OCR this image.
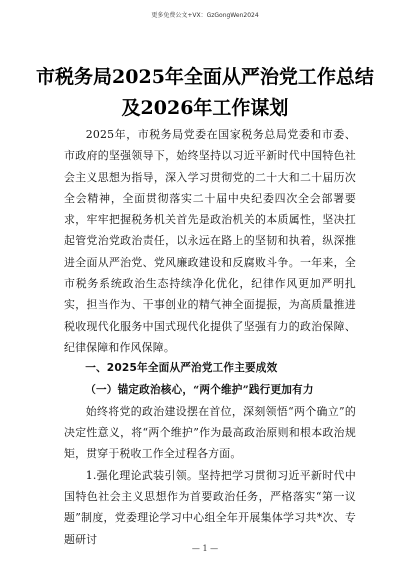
更多免费公文+VX：GzGongWen2024
市税务局2025年全面从严治党工作总结
及2026年工作谋划

2025年，市税务局党委在国家税务总局党委和市委、市政府的坚强领导下，始终坚持以习近平新时代中国特色社会主义思想为指导，深入学习贯彻党的二十大和二十届历次全会精神，全面贯彻落实二十届中央纪委四次全会部署要求，牢牢把握税务机关首先是政治机关的本质属性，坚决扛起管党治党政治责任，以永远在路上的坚韧和执着，纵深推进全面从严治党、党风廉政建设和反腐败斗争。一年来，全市税务系统政治生态持续净化优化，纪律作风更加严明扎实，担当作为、干事创业的精气神全面提振，为高质量推进税收现代化服务中国式现代化提供了坚强有力的政治保障、纪律保障和作风保障。

一、2025年全面从严治党工作主要成效

（一）锚定政治核心，“两个维护”践行更加有力

始终将党的政治建设摆在首位，深刻领悟“两个确立”的决定性意义，将“两个维护”作为最高政治原则和根本政治规矩，贯穿于税收工作全过程各方面。

1.强化理论武装引领。坚持把学习贯彻习近平新时代中国特色社会主义思想作为首要政治任务，严格落实“第一议题”制度，党委理论学习中心组全年开展集体学习共*次、专题研讨

— 1 —
